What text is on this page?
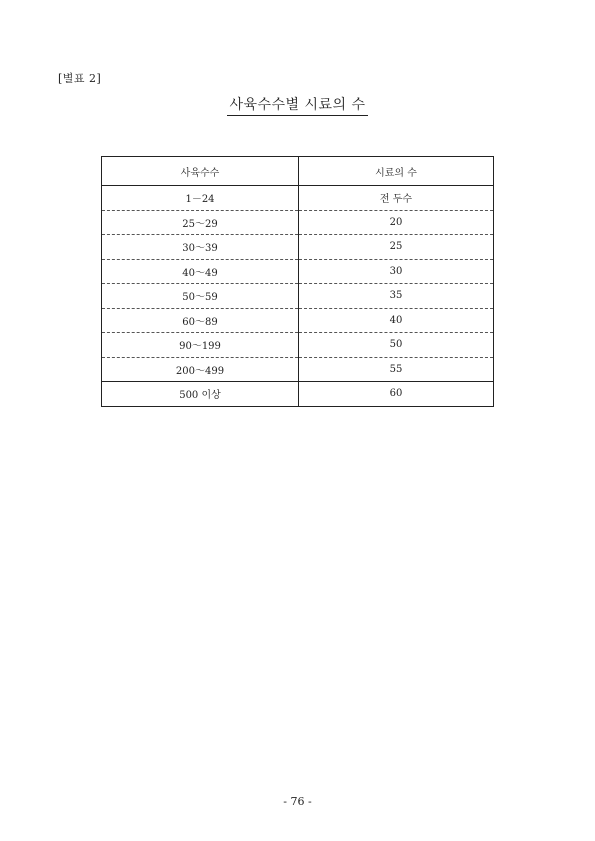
[별표 2]
사육수수별 시료의 수
사육수수	시료의 수
1－24	전 두수
25～29	20
30～39	25
40～49	30
50～59	35
60～89	40
90～199	50
200～499	55
500 이상	60
- 76 -
